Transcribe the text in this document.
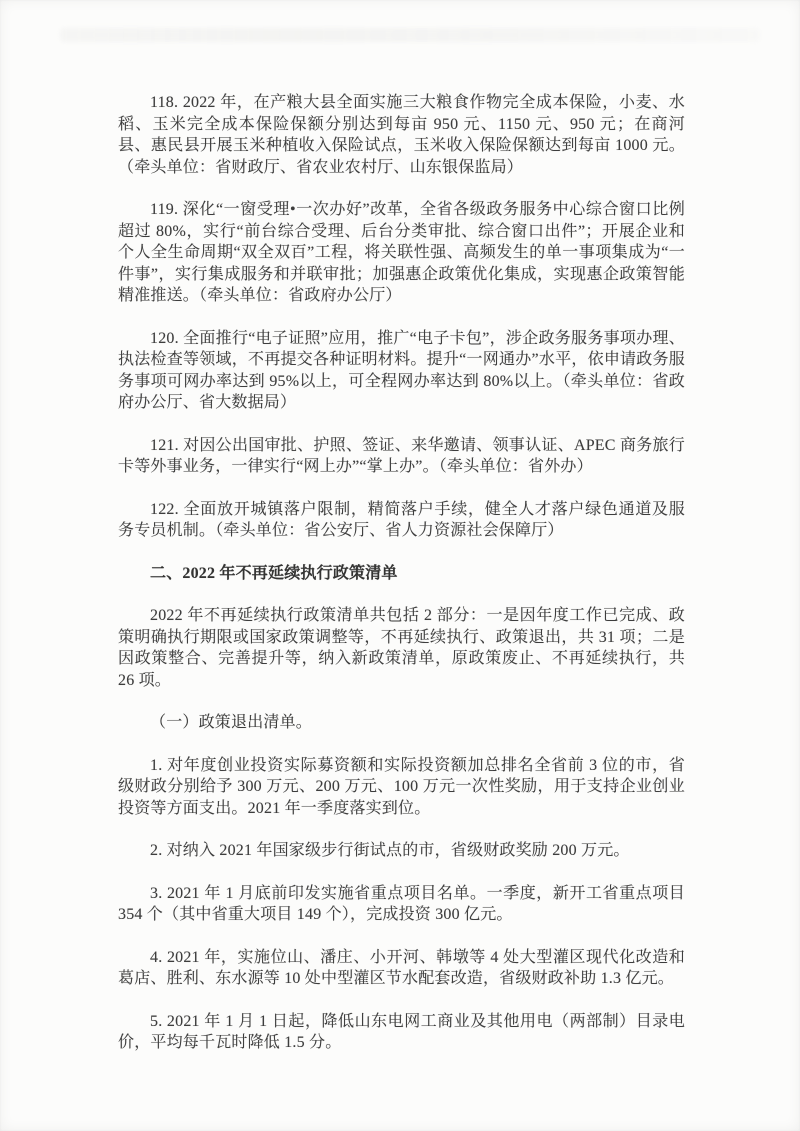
118. 2022 年，在产粮大县全面实施三大粮食作物完全成本保险，小麦、水稻、玉米完全成本保险保额分别达到每亩 950 元、1150 元、950 元；在商河县、惠民县开展玉米种植收入保险试点，玉米收入保险保额达到每亩 1000 元。（牵头单位：省财政厅、省农业农村厅、山东银保监局）

119. 深化“一窗受理•一次办好”改革，全省各级政务服务中心综合窗口比例超过 80%，实行“前台综合受理、后台分类审批、综合窗口出件”；开展企业和个人全生命周期“双全双百”工程，将关联性强、高频发生的单一事项集成为“一件事”，实行集成服务和并联审批；加强惠企政策优化集成，实现惠企政策智能精准推送。（牵头单位：省政府办公厅）

120. 全面推行“电子证照”应用，推广“电子卡包”，涉企政务服务事项办理、执法检查等领域，不再提交各种证明材料。提升“一网通办”水平，依申请政务服务事项可网办率达到 95%以上，可全程网办率达到 80%以上。（牵头单位：省政府办公厅、省大数据局）

121. 对因公出国审批、护照、签证、来华邀请、领事认证、APEC 商务旅行卡等外事业务，一律实行“网上办”“掌上办”。（牵头单位：省外办）

122. 全面放开城镇落户限制，精简落户手续，健全人才落户绿色通道及服务专员机制。（牵头单位：省公安厅、省人力资源社会保障厅）

二、2022 年不再延续执行政策清单

2022 年不再延续执行政策清单共包括 2 部分：一是因年度工作已完成、政策明确执行期限或国家政策调整等，不再延续执行、政策退出，共 31 项；二是因政策整合、完善提升等，纳入新政策清单，原政策废止、不再延续执行，共 26 项。

（一）政策退出清单。

1. 对年度创业投资实际募资额和实际投资额加总排名全省前 3 位的市，省级财政分别给予 300 万元、200 万元、100 万元一次性奖励，用于支持企业创业投资等方面支出。2021 年一季度落实到位。

2. 对纳入 2021 年国家级步行街试点的市，省级财政奖励 200 万元。

3. 2021 年 1 月底前印发实施省重点项目名单。一季度，新开工省重点项目 354 个（其中省重大项目 149 个），完成投资 300 亿元。

4. 2021 年，实施位山、潘庄、小开河、韩墩等 4 处大型灌区现代化改造和葛店、胜利、东水源等 10 处中型灌区节水配套改造，省级财政补助 1.3 亿元。

5. 2021 年 1 月 1 日起，降低山东电网工商业及其他用电（两部制）目录电价，平均每千瓦时降低 1.5 分。
